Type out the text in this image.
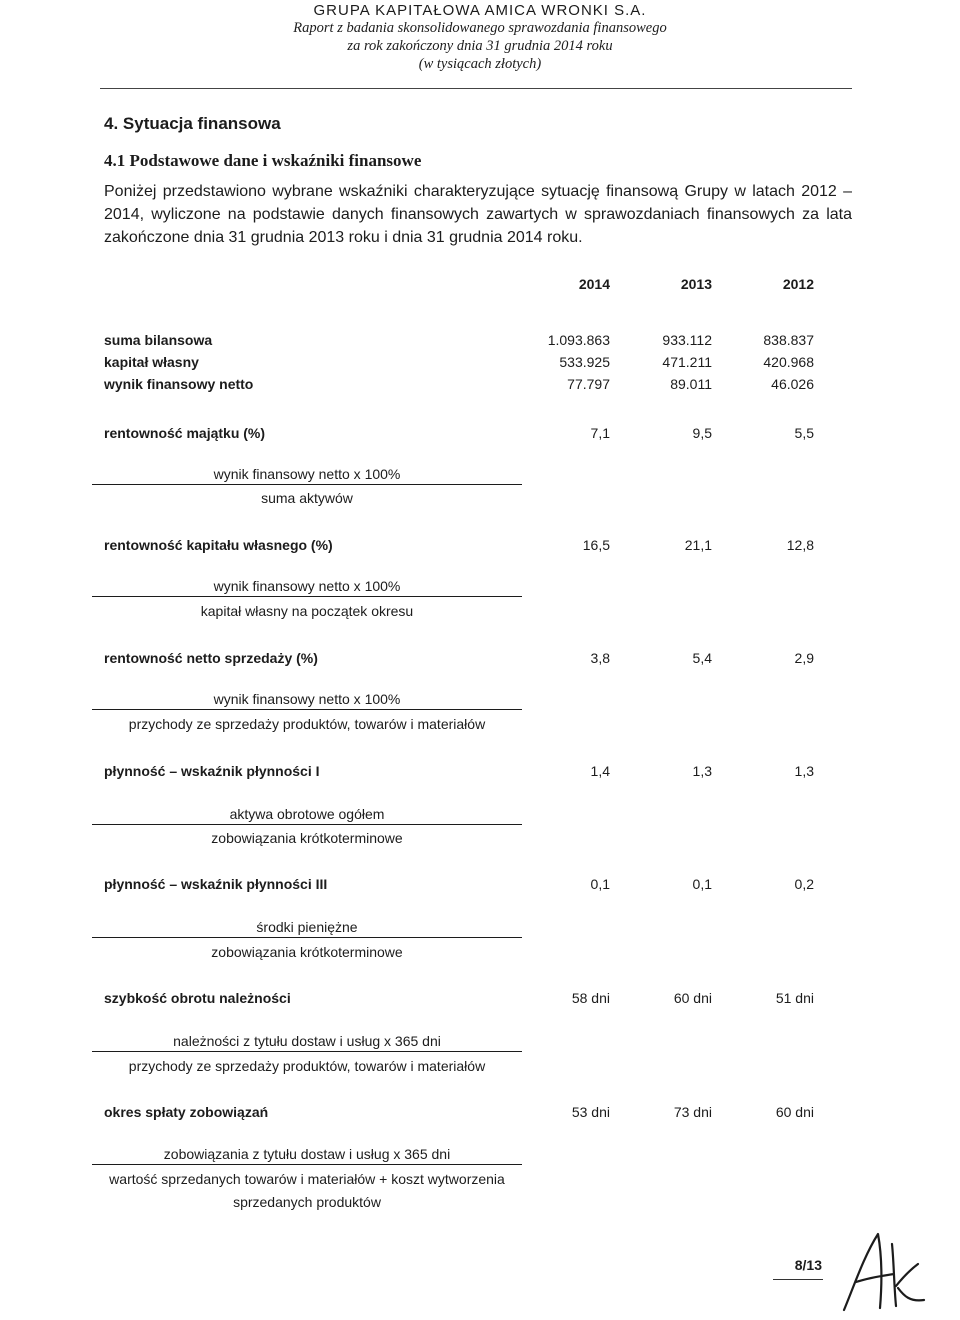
GRUPA KAPITAŁOWA AMICA WRONKI S.A.
Raport z badania skonsolidowanego sprawozdania finansowego
za rok zakończony dnia 31 grudnia 2014 roku
(w tysiącach złotych)
4. Sytuacja finansowa
4.1 Podstawowe dane i wskaźniki finansowe
Poniżej przedstawiono wybrane wskaźniki charakteryzujące sytuację finansową Grupy w latach 2012 – 2014, wyliczone na podstawie danych finansowych zawartych w sprawozdaniach finansowych za lata zakończone dnia 31 grudnia 2013 roku i dnia 31 grudnia 2014 roku.
2014	2013	2012
suma bilansowa	1.093.863	933.112	838.837
kapitał własny	533.925	471.211	420.968
wynik finansowy netto	77.797	89.011	46.026
rentowność majątku (%)	7,1	9,5	5,5
wynik finansowy netto x 100%
suma aktywów
rentowność kapitału własnego (%)	16,5	21,1	12,8
wynik finansowy netto x 100%
kapitał własny na początek okresu
rentowność netto sprzedaży (%)	3,8	5,4	2,9
wynik finansowy netto x 100%
przychody ze sprzedaży produktów, towarów i materiałów
płynność – wskaźnik płynności I	1,4	1,3	1,3
aktywa obrotowe ogółem
zobowiązania krótkoterminowe
płynność – wskaźnik płynności III	0,1	0,1	0,2
środki pieniężne
zobowiązania krótkoterminowe
szybkość obrotu należności	58 dni	60 dni	51 dni
należności z tytułu dostaw i usług x 365 dni
przychody ze sprzedaży produktów, towarów i materiałów
okres spłaty zobowiązań	53 dni	73 dni	60 dni
zobowiązania z tytułu dostaw i usług x 365 dni
wartość sprzedanych towarów i materiałów + koszt wytworzenia sprzedanych produktów
8/13
